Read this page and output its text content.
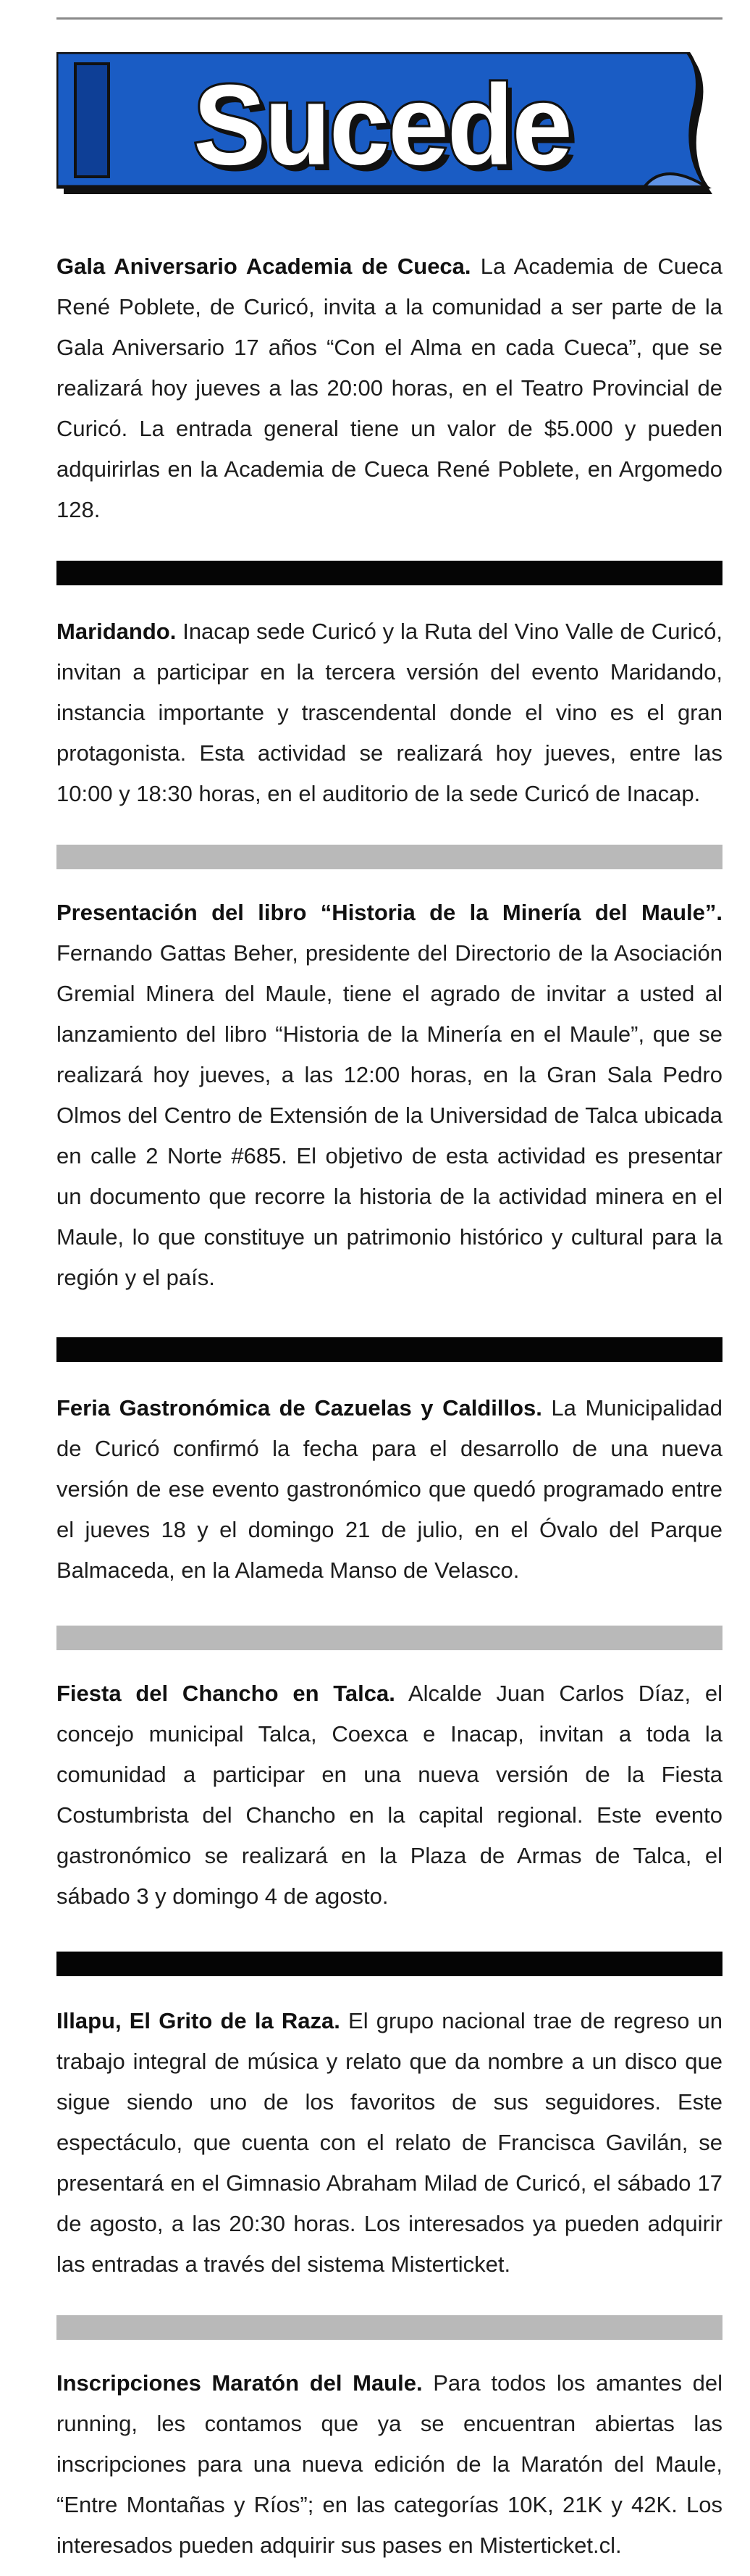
Sucede

Gala Aniversario Academia de Cueca. La Academia de Cueca René Poblete, de Curicó, invita a la comunidad a ser parte de la Gala Aniversario 17 años “Con el Alma en cada Cueca”, que se realizará hoy jueves a las 20:00 horas, en el Teatro Provincial de Curicó. La entrada general tiene un valor de $5.000 y pueden adquirirlas en la Academia de Cueca René Poblete, en Argomedo 128.

Maridando. Inacap sede Curicó y la Ruta del Vino Valle de Curicó, invitan a participar en la tercera versión del evento Maridando, instancia importante y trascendental donde el vino es el gran protagonista. Esta actividad se realizará hoy jueves, entre las 10:00 y 18:30 horas, en el auditorio de la sede Curicó de Inacap.

Presentación del libro “Historia de la Minería del Maule”. Fernando Gattas Beher, presidente del Directorio de la Asociación Gremial Minera del Maule, tiene el agrado de invitar a usted al lanzamiento del libro “Historia de la Minería en el Maule”, que se realizará hoy jueves, a las 12:00 horas, en la Gran Sala Pedro Olmos del Centro de Extensión de la Universidad de Talca ubicada en calle 2 Norte #685. El objetivo de esta actividad es presentar un documento que recorre la historia de la actividad minera en el Maule, lo que constituye un patrimonio histórico y cultural para la región y el país.

Feria Gastronómica de Cazuelas y Caldillos. La Municipalidad de Curicó confirmó la fecha para el desarrollo de una nueva versión de ese evento gastronómico que quedó programado entre el jueves 18 y el domingo 21 de julio, en el Óvalo del Parque Balmaceda, en la Alameda Manso de Velasco.

Fiesta del Chancho en Talca. Alcalde Juan Carlos Díaz, el concejo municipal Talca, Coexca e Inacap, invitan a toda la comunidad a participar en una nueva versión de la Fiesta Costumbrista del Chancho en la capital regional. Este evento gastronómico se realizará en la Plaza de Armas de Talca, el sábado 3 y domingo 4 de agosto.

Illapu, El Grito de la Raza. El grupo nacional trae de regreso un trabajo integral de música y relato que da nombre a un disco que sigue siendo uno de los favoritos de sus seguidores. Este espectáculo, que cuenta con el relato de Francisca Gavilán, se presentará en el Gimnasio Abraham Milad de Curicó, el sábado 17 de agosto, a las 20:30 horas. Los interesados ya pueden adquirir las entradas a través del sistema Misterticket.

Inscripciones Maratón del Maule. Para todos los amantes del running, les contamos que ya se encuentran abiertas las inscripciones para una nueva edición de la Maratón del Maule, “Entre Montañas y Ríos”; en las categorías 10K, 21K y 42K. Los interesados pueden adquirir sus pases en Misterticket.cl.
